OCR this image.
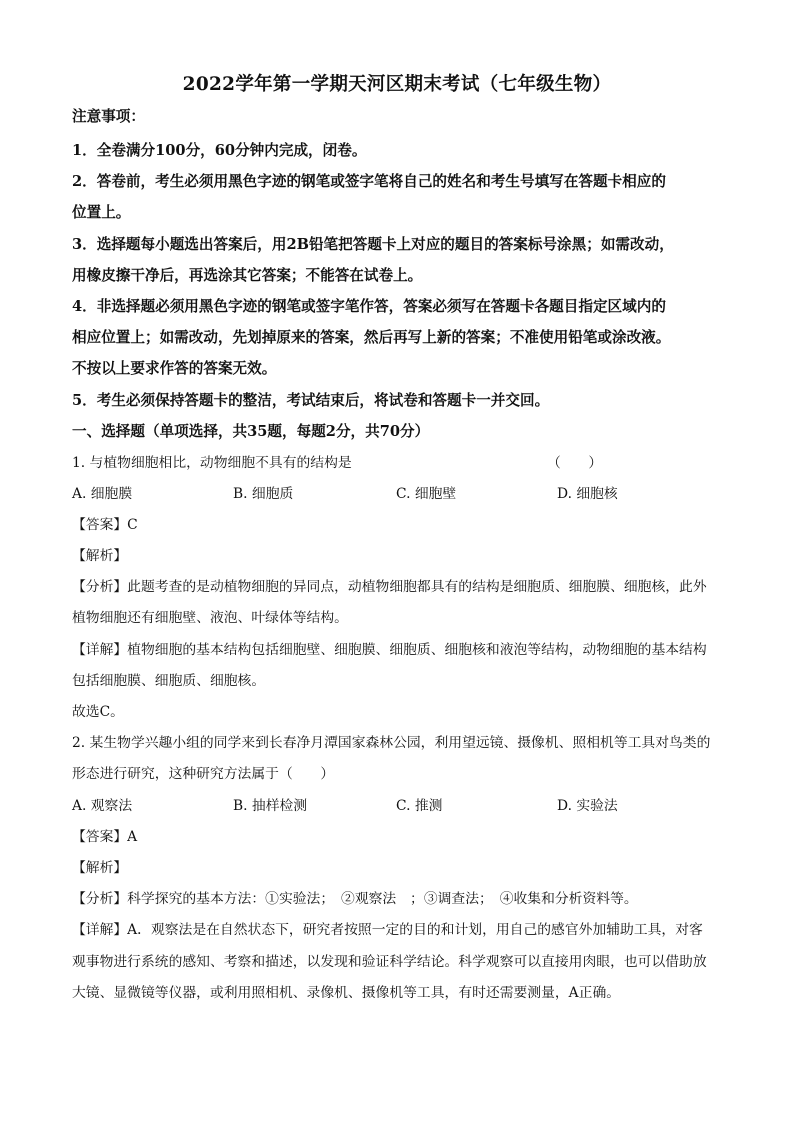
2022学年第一学期天河区期末考试（七年级生物）
注意事项：
1．全卷满分100分，60分钟内完成，闭卷。
2．答卷前，考生必须用黑色字迹的钢笔或签字笔将自己的姓名和考生号填写在答题卡相应的
位置上。
3．选择题每小题选出答案后，用2B铅笔把答题卡上对应的题目的答案标号涂黑；如需改动，
用橡皮擦干净后，再选涂其它答案；不能答在试卷上。
4．非选择题必须用黑色字迹的钢笔或签字笔作答，答案必须写在答题卡各题目指定区域内的
相应位置上；如需改动，先划掉原来的答案，然后再写上新的答案；不准使用铅笔或涂改液。
不按以上要求作答的答案无效。
5．考生必须保持答题卡的整洁，考试结束后，将试卷和答题卡一并交回。
一、选择题（单项选择，共35题，每题2分，共70分）
1. 与植物细胞相比，动物细胞不具有的结构是	（　　）
A. 细胞膜	B. 细胞质	C. 细胞壁	D. 细胞核
【答案】C
【解析】
【分析】此题考查的是动植物细胞的异同点，动植物细胞都具有的结构是细胞质、细胞膜、细胞核，此外
植物细胞还有细胞壁、液泡、叶绿体等结构。
【详解】植物细胞的基本结构包括细胞壁、细胞膜、细胞质、细胞核和液泡等结构，动物细胞的基本结构
包括细胞膜、细胞质、细胞核。
故选C。
2. 某生物学兴趣小组的同学来到长春净月潭国家森林公园，利用望远镜、摄像机、照相机等工具对鸟类的
形态进行研究，这种研究方法属于（　　）
A. 观察法	B. 抽样检测	C. 推测	D. 实验法
【答案】A
【解析】
【分析】科学探究的基本方法：①实验法；　②观察法　；③调查法；　④收集和分析资料等。
【详解】A．观察法是在自然状态下，研究者按照一定的目的和计划，用自己的感官外加辅助工具，对客
观事物进行系统的感知、考察和描述，以发现和验证科学结论。科学观察可以直接用肉眼，也可以借助放
大镜、显微镜等仪器，或利用照相机、录像机、摄像机等工具，有时还需要测量，A正确。
